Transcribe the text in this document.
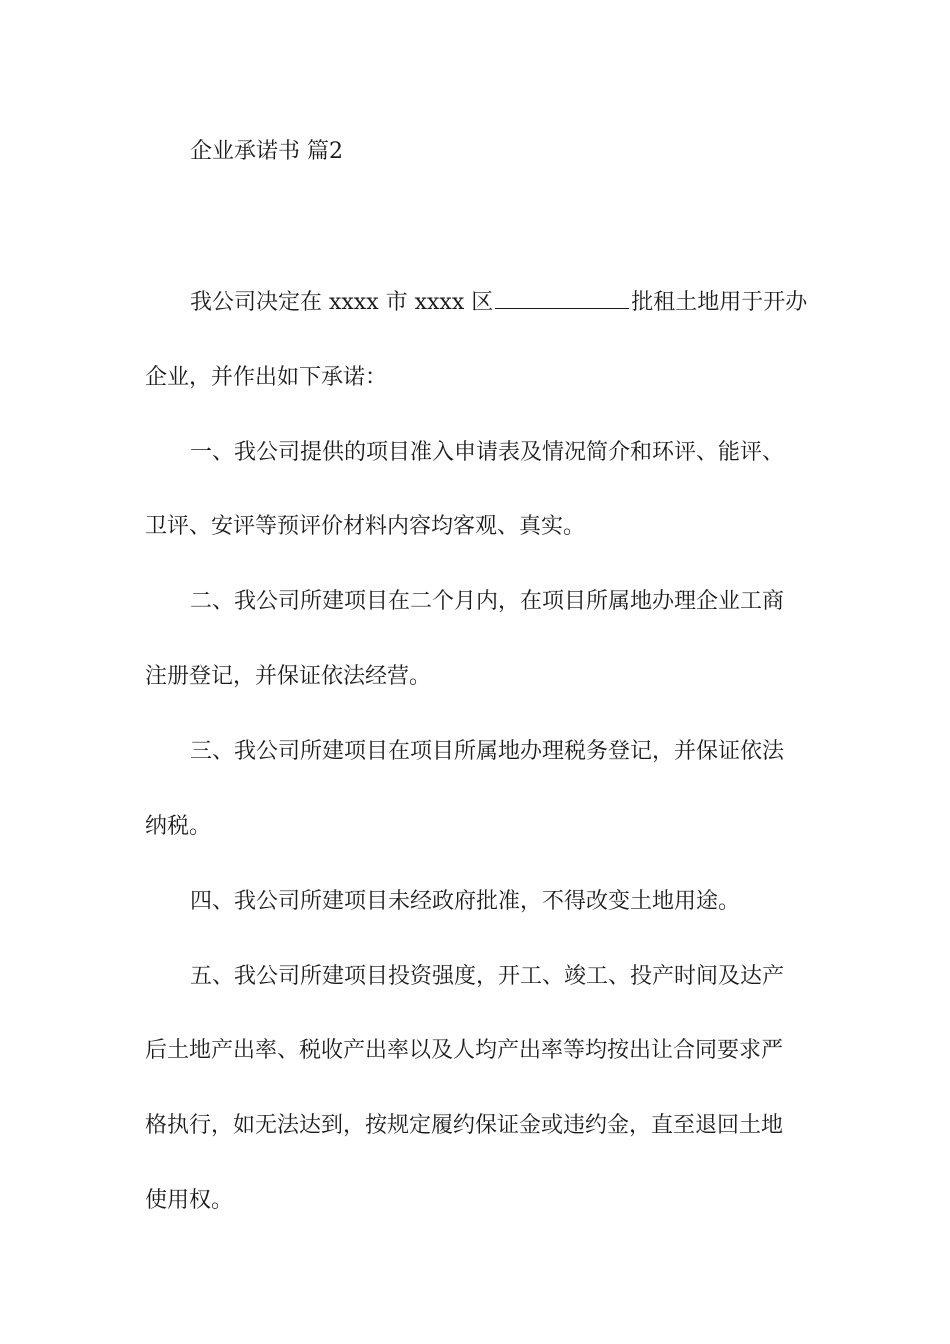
企业承诺书 篇2
我公司决定在 xxxx 市 xxxx 区	批租土地用于开办
企业，并作出如下承诺：
一、我公司提供的项目准入申请表及情况简介和环评、能评、
卫评、安评等预评价材料内容均客观、真实。
二、我公司所建项目在二个月内，在项目所属地办理企业工商
注册登记，并保证依法经营。
三、我公司所建项目在项目所属地办理税务登记，并保证依法
纳税。
四、我公司所建项目未经政府批准，不得改变土地用途。
五、我公司所建项目投资强度，开工、竣工、投产时间及达产
后土地产出率、税收产出率以及人均产出率等均按出让合同要求严
格执行，如无法达到，按规定履约保证金或违约金，直至退回土地
使用权。
